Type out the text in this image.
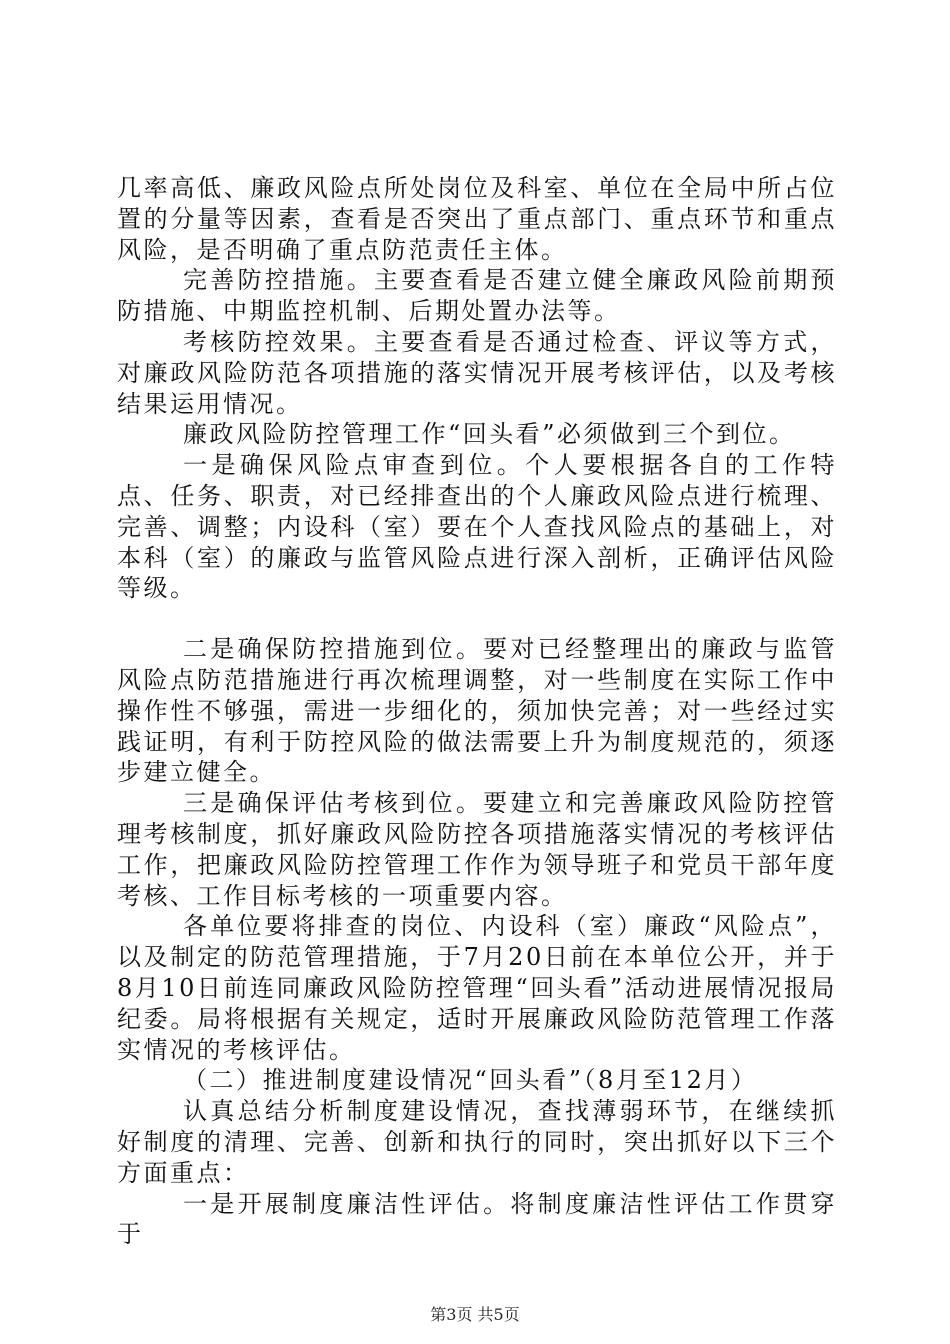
几率高低、廉政风险点所处岗位及科室、单位在全局中所占位置的分量等因素，查看是否突出了重点部门、重点环节和重点风险，是否明确了重点防范责任主体。

完善防控措施。主要查看是否建立健全廉政风险前期预防措施、中期监控机制、后期处置办法等。

考核防控效果。主要查看是否通过检查、评议等方式，对廉政风险防范各项措施的落实情况开展考核评估，以及考核结果运用情况。

廉政风险防控管理工作“回头看”必须做到三个到位。

一是确保风险点审查到位。个人要根据各自的工作特点、任务、职责，对已经排查出的个人廉政风险点进行梳理、完善、调整；内设科（室）要在个人查找风险点的基础上，对本科（室）的廉政与监管风险点进行深入剖析，正确评估风险等级。

二是确保防控措施到位。要对已经整理出的廉政与监管风险点防范措施进行再次梳理调整，对一些制度在实际工作中操作性不够强，需进一步细化的，须加快完善；对一些经过实践证明，有利于防控风险的做法需要上升为制度规范的，须逐步建立健全。

三是确保评估考核到位。要建立和完善廉政风险防控管理考核制度，抓好廉政风险防控各项措施落实情况的考核评估工作，把廉政风险防控管理工作作为领导班子和党员干部年度考核、工作目标考核的一项重要内容。

各单位要将排查的岗位、内设科（室）廉政“风险点”，以及制定的防范管理措施，于7月20日前在本单位公开，并于8月10日前连同廉政风险防控管理“回头看”活动进展情况报局纪委。局将根据有关规定，适时开展廉政风险防范管理工作落实情况的考核评估。

（二）推进制度建设情况“回头看”（8月至12月）

认真总结分析制度建设情况，查找薄弱环节，在继续抓好制度的清理、完善、创新和执行的同时，突出抓好以下三个方面重点：

一是开展制度廉洁性评估。将制度廉洁性评估工作贯穿于

第3页 共5页
